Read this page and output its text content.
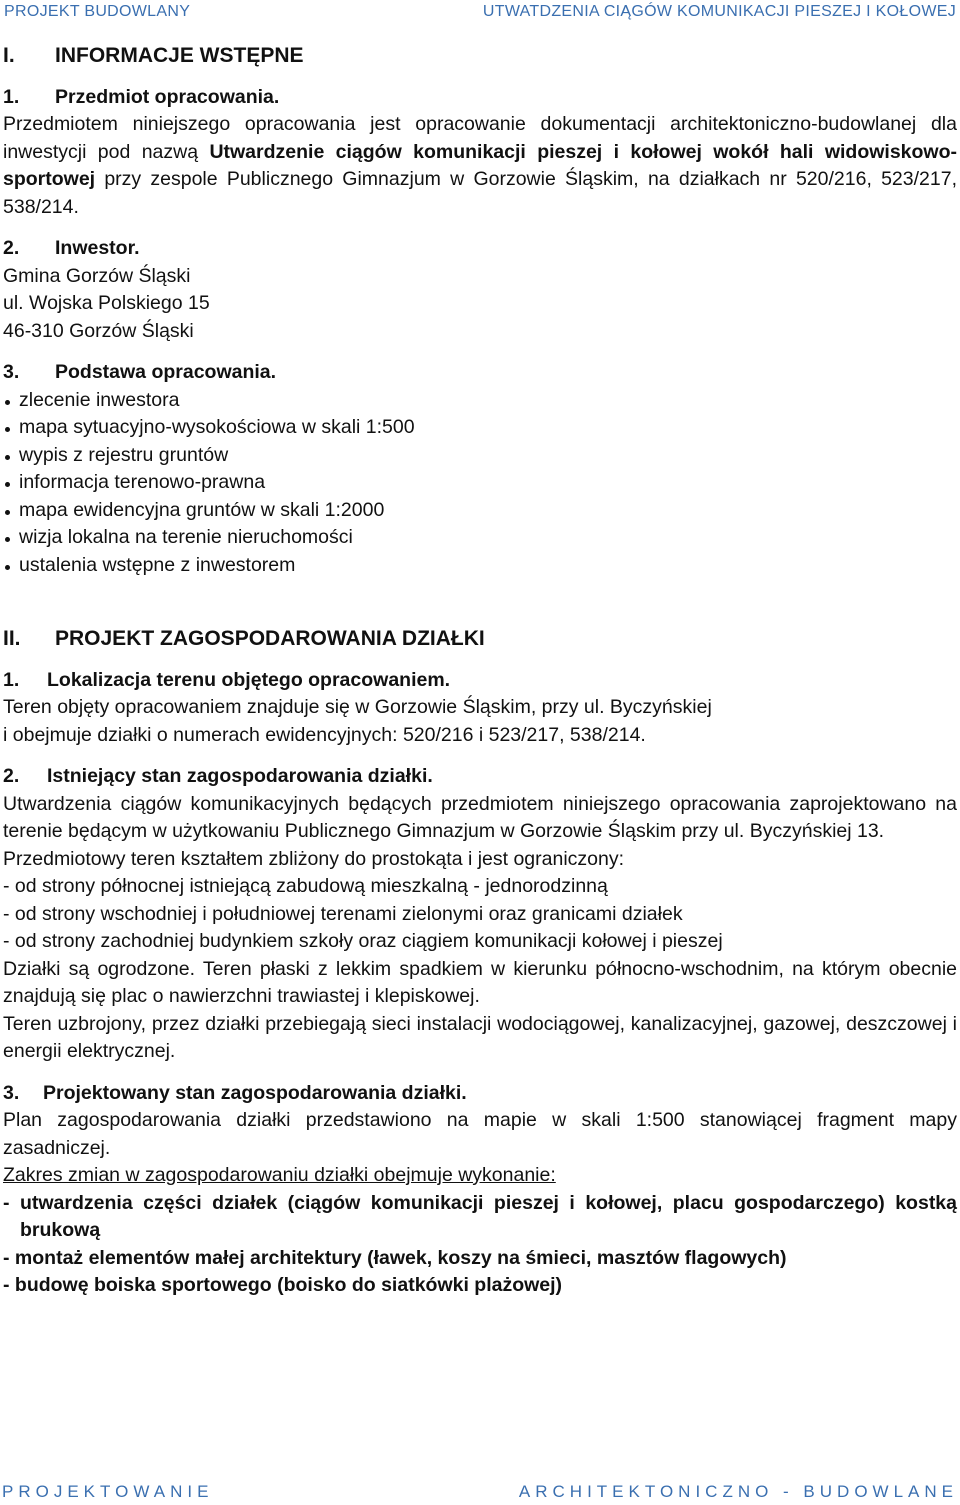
PROJEKT BUDOWLANY	UTWATDZENIA CIĄGÓW KOMUNIKACJI PIESZEJ I KOŁOWEJ

I. INFORMACJE WSTĘPNE

1. Przedmiot opracowania.

Przedmiotem niniejszego opracowania jest opracowanie dokumentacji architektoniczno-budowlanej dla inwestycji pod nazwą Utwardzenie ciągów komunikacji pieszej i kołowej wokół hali widowiskowo-sportowej przy zespole Publicznego Gimnazjum w Gorzowie Śląskim, na działkach nr 520/216, 523/217, 538/214.

2. Inwestor.

Gmina Gorzów Śląski

ul. Wojska Polskiego 15

46-310 Gorzów Śląski

3. Podstawa opracowania.

zlecenie inwestora
mapa sytuacyjno-wysokościowa w skali 1:500
wypis z rejestru gruntów
informacja terenowo-prawna
mapa ewidencyjna gruntów w skali 1:2000
wizja lokalna na terenie nieruchomości
ustalenia wstępne z inwestorem

II. PROJEKT ZAGOSPODAROWANIA DZIAŁKI

1. Lokalizacja terenu objętego opracowaniem.

Teren objęty opracowaniem znajduje się w Gorzowie Śląskim, przy ul. Byczyńskiej

i obejmuje działki o numerach ewidencyjnych: 520/216 i 523/217, 538/214.

2. Istniejący stan zagospodarowania działki.

Utwardzenia ciągów komunikacyjnych będących przedmiotem niniejszego opracowania zaprojektowano na terenie będącym w użytkowaniu Publicznego Gimnazjum w Gorzowie Śląskim przy ul. Byczyńskiej 13.

Przedmiotowy teren kształtem zbliżony do prostokąta i jest ograniczony:

- od strony północnej istniejącą zabudową mieszkalną - jednorodzinną

- od strony wschodniej i południowej terenami zielonymi oraz granicami działek

- od strony zachodniej budynkiem szkoły oraz ciągiem komunikacji kołowej i pieszej

Działki są ogrodzone. Teren płaski z lekkim spadkiem w kierunku północno-wschodnim, na którym obecnie znajdują się plac o nawierzchni trawiastej i klepiskowej.

Teren uzbrojony, przez działki przebiegają sieci instalacji wodociągowej, kanalizacyjnej, gazowej, deszczowej i energii elektrycznej.

3. Projektowany stan zagospodarowania działki.

Plan zagospodarowania działki przedstawiono na mapie w skali 1:500 stanowiącej fragment mapy zasadniczej.

Zakres zmian w zagospodarowaniu działki obejmuje wykonanie:

- utwardzenia części działek (ciągów komunikacji pieszej i kołowej, placu gospodarczego) kostką brukową

- montaż elementów małej architektury (ławek, koszy na śmieci, masztów flagowych)

- budowę boiska sportowego (boisko do siatkówki plażowej)

PROJEKTOWANIE	ARCHITEKTONICZNO - BUDOWLANE
